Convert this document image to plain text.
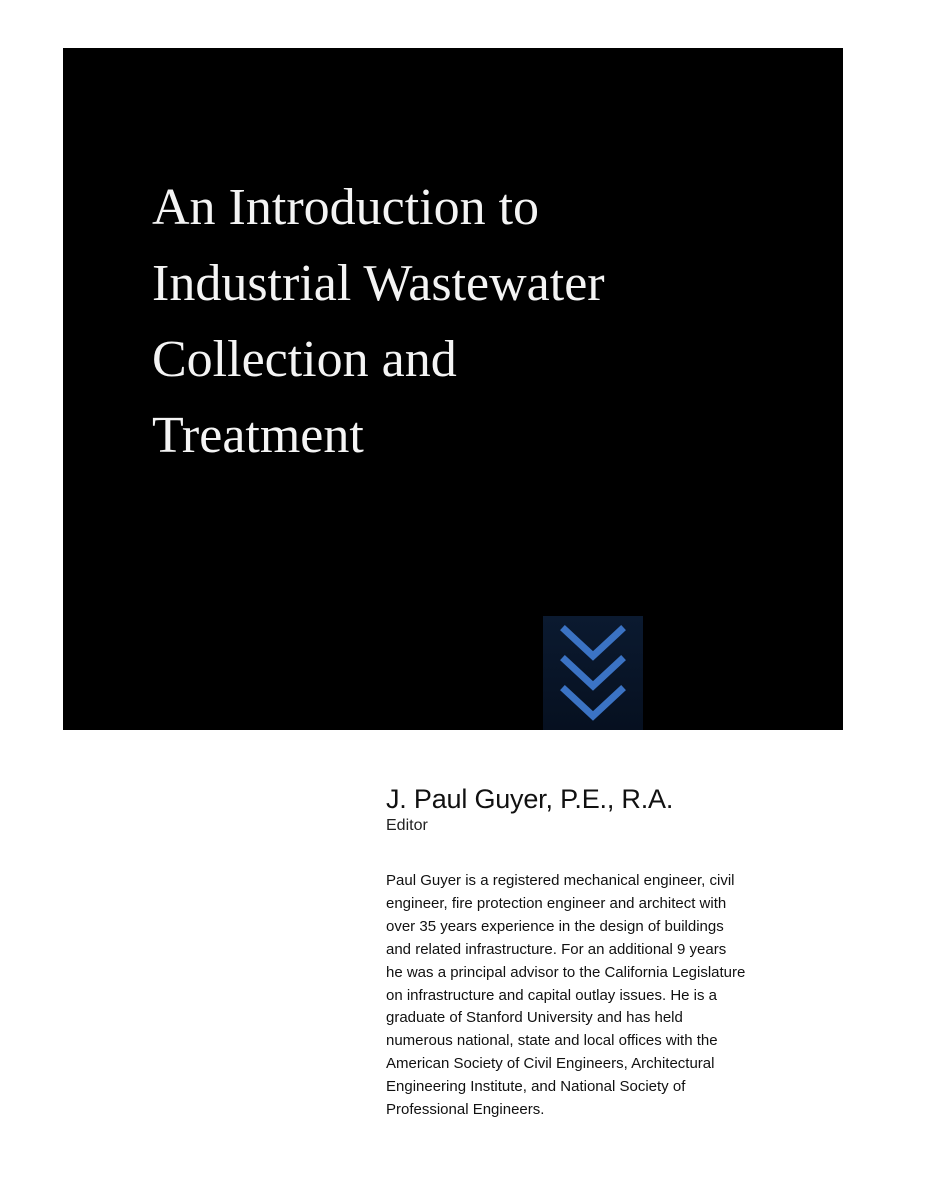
An Introduction to
Industrial Wastewater
Collection and
Treatment

J. Paul Guyer, P.E., R.A.

Editor

Paul Guyer is a registered mechanical engineer, civil
engineer, fire protection engineer and architect with
over 35 years experience in the design of buildings
and related infrastructure. For an additional 9 years
he was a principal advisor to the California Legislature
on infrastructure and capital outlay issues. He is a
graduate of Stanford University and has held
numerous national, state and local offices with the
American Society of Civil Engineers, Architectural
Engineering Institute, and National Society of
Professional Engineers.
